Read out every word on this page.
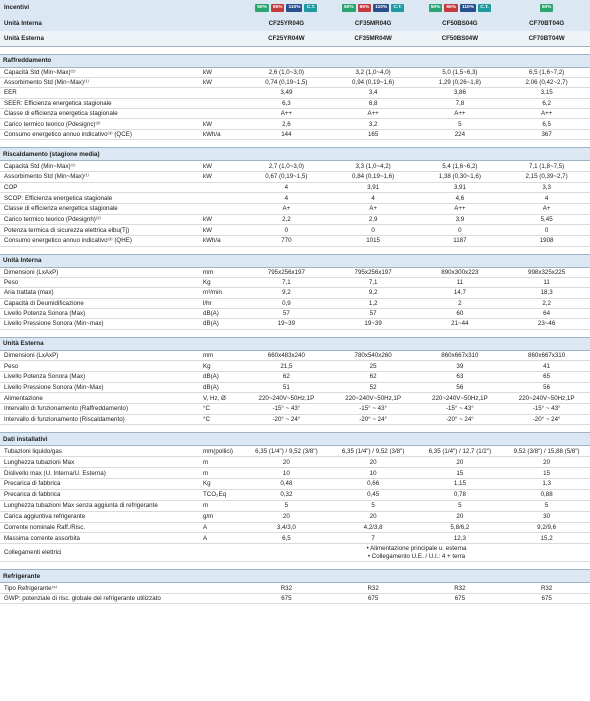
Incentivi	50%	65%	110%	C.T.	50%	65%	110%	C.T.	50%	65%	110%	C.T.	50%
Unità Interna	CF25YR04G	CF35MR04G	CF50BS04G	CF70BT04G
Unità Esterna	CF25YR04W	CF35MR04W	CF50BS04W	CF70BT04W
Raffreddamento
Capacità Std (Min~Max)⁽¹⁾	kW	2,6 (1,0~3,0)	3,2 (1,0~4,0)	5,0 (1,5~6,3)	6,5 (1,6~7,2)
Assorbimento Std (Min~Max)⁽¹⁾	kW	0,74 (0,19~1,5)	0,94 (0,19~1,6)	1,29 (0,26~1,8)	2,06 (0,42~2,7)
EER	3,49	3,4	3,86	3,15
SEER: Efficienza energetica stagionale	6,3	6,8	7,8	6,2
Classe di efficienza energetica stagionale	A++	A++	A++	A++
Carico termico teorico (Pdesignc)⁽²⁾	kW	2,6	3,2	5	6,5
Consumo energetico annuo indicativo⁽³⁾ (QCE)	kWh/a	144	165	224	367
Riscaldamento (stagione media)
Capacità Std (Min~Max)⁽¹⁾	kW	2,7 (1,0~3,0)	3,3 (1,0~4,2)	5,4 (1,6~6,2)	7,1 (1,8~7,5)
Assorbimento Std (Min~Max)⁽¹⁾	kW	0,67 (0,19~1,5)	0,84 (0,19~1,6)	1,38 (0,30~1,6)	2,15 (0,39~2,7)
COP	4	3,91	3,91	3,3
SCOP: Efficienza energetica stagionale	4	4	4,6	4
Classe di efficienza energetica stagionale	A+	A+	A++	A+
Carico termico teorico (Pdesignh)⁽²⁾	kW	2,2	2,9	3,9	5,45
Potenza termica di sicurezza elettrica elbu(Tj)	kW	0	0	0	0
Consumo energetico annuo indicativo⁽³⁾ (QHE)	kWh/a	770	1015	1187	1908
Unità Interna
Dimensioni (LxAxP)	mm	795x256x197	795x256x197	890x300x223	998x325x225
Peso	Kg	7,1	7,1	11	11
Aria trattata (max)	m³/min	9,2	9,2	14,7	18,3
Capacità di Deumidificazione	l/hr	0,9	1,2	2	2,2
Livello Potenza Sonora (Max)	dB(A)	57	57	60	64
Livello Pressione Sonora (Min~max)	dB(A)	19~39	19~39	21~44	23~46
Unità Esterna
Dimensioni (LxAxP)	mm	660x483x240	780x540x260	860x667x310	860x667x310
Peso	Kg	21,5	25	39	41
Livello Potenza Sonora (Max)	dB(A)	62	62	63	65
Livello Pressione Sonora (Min~Max)	dB(A)	51	52	56	56
Alimentazione	V, Hz, Ø	220~240V~50Hz,1P	220~240V~50Hz,1P	220~240V~50Hz,1P	220~240V~50Hz,1P
Intervallo di funzionamento (Raffreddamento)	°C	-15° ~ 43°	-15° ~ 43°	-15° ~ 43°	-15° ~ 43°
Intervallo di funzionamento (Riscaldamento)	°C	-20° ~ 24°	-20° ~ 24°	-20° ~ 24°	-20° ~ 24°
Dati installativi
Tubazioni liquido/gas	mm(pollici)	6,35 (1/4") / 9,52 (3/8")	6,35 (1/4") / 9,52 (3/8")	6,35 (1/4") / 12,7 (1/2")	9,52 (3/8") / 15,88 (5/8")
Lunghezza tubazioni Max	m	20	20	20	20
Dislivello max (U. Interna/U. Esterna)	m	10	10	15	15
Precarica di fabbrica	Kg	0,48	0,66	1,15	1,3
Precarica di fabbrica	TCO₂Eq	0,32	0,45	0,78	0,88
Lunghezza tubazioni Max senza aggiunta di refrigerante	m	5	5	5	5
Carica aggiuntiva refrigerante	g/m	20	20	20	30
Corrente nominale Raff./Risc.	A	3,4/3,0	4,2/3,8	5,8/6,2	9,2/9,6
Massima corrente assorbita	A	6,5	7	12,3	15,2
Collegamenti elettrici
• Alimentazione principale u. esterna
• Collegamento U.E. / U.I.: 4 + terra
Refrigerante
Tipo Refrigerante⁽⁴⁾	R32	R32	R32	R32
GWP: potenziale di risc. globale del refrigerante utilizzato	675	675	675	675
